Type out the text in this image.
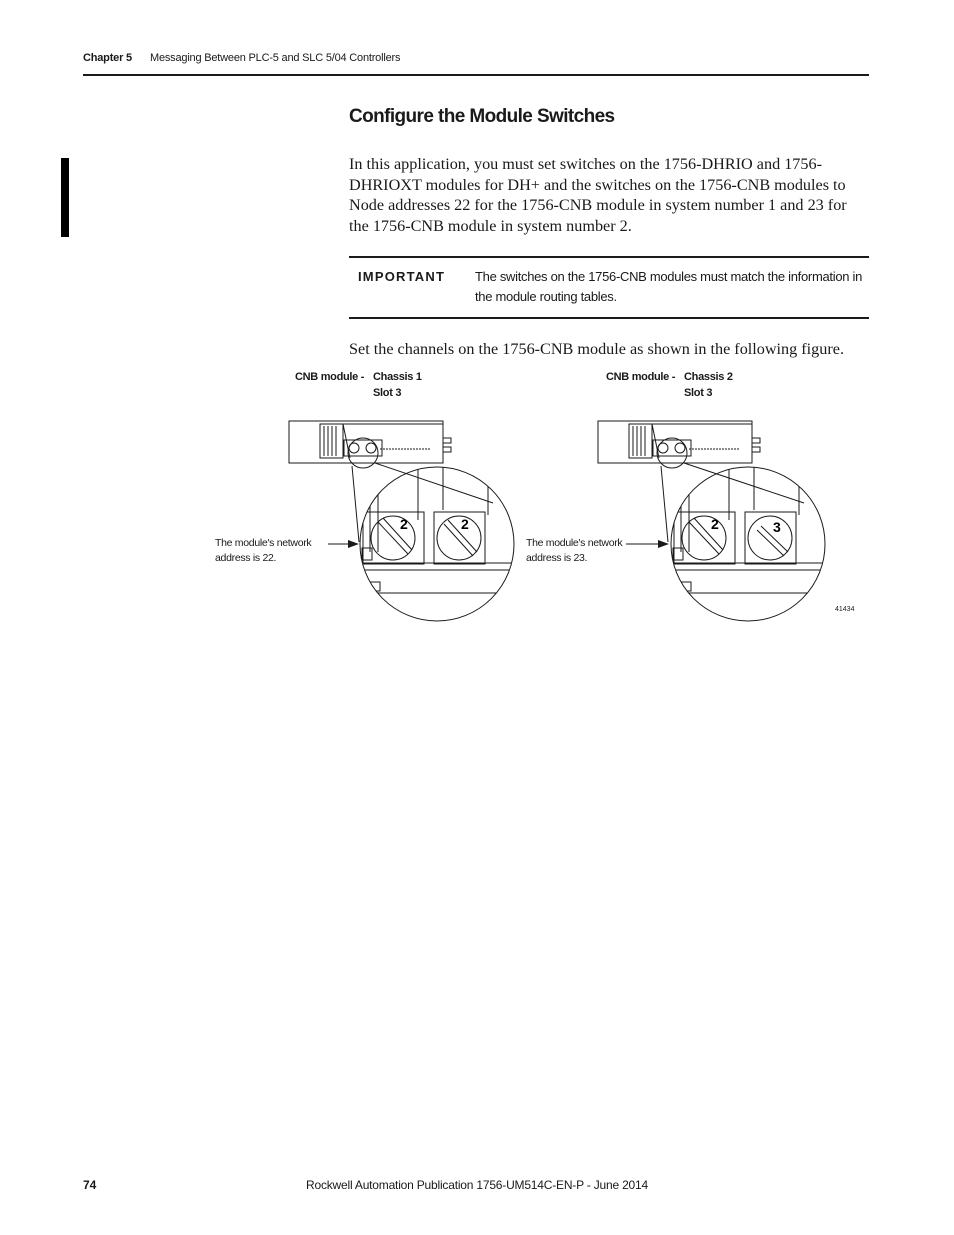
Chapter 5 Messaging Between PLC-5 and SLC 5/04 Controllers
Configure the Module Switches

In this application, you must set switches on the 1756-DHRIO and 1756-DHRIOXT modules for DH+ and the switches on the 1756-CNB modules to Node addresses 22 for the 1756-CNB module in system number 1 and 23 for the 1756-CNB module in system number 2.

IMPORTANT The switches on the 1756-CNB modules must match the information in the module routing tables.

Set the channels on the 1756-CNB module as shown in the following figure.

CNB module - Chassis 1
Slot 3
CNB module - Chassis 2
Slot 3
The module's network
address is 22.
The module's network
address is 23.
41434
2	2	2	3
74	Rockwell Automation Publication 1756-UM514C-EN-P - June 2014
